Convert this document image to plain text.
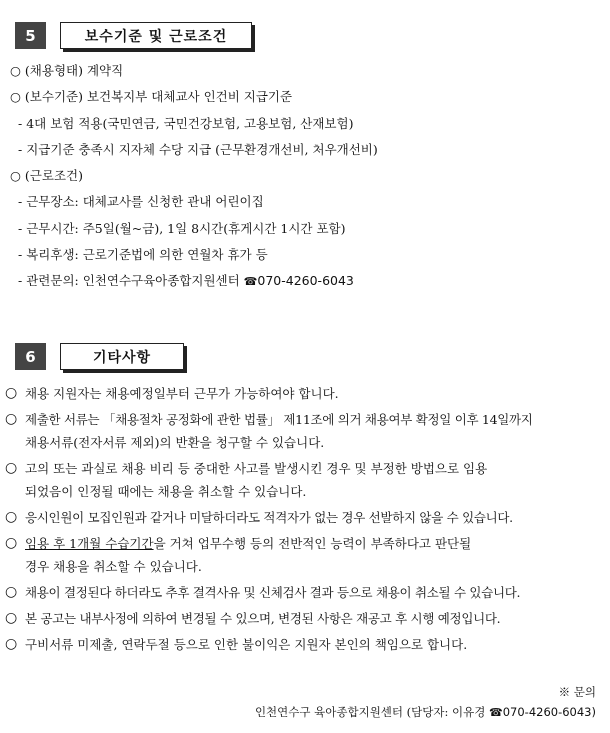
5	보수기준 및 근로조건
○ (채용형태) 계약직
○ (보수기준) 보건복지부 대체교사 인건비 지급기준
- 4대 보험 적용(국민연금, 국민건강보험, 고용보험, 산재보험)
- 지급기준 충족시 지자체 수당 지급 (근무환경개선비, 처우개선비)
○ (근로조건)
- 근무장소: 대체교사를 신청한 관내 어린이집
- 근무시간: 주5일(월~금), 1일 8시간(휴게시간 1시간 포함)
- 복리후생: 근로기준법에 의한 연월차 휴가 등
- 관련문의: 인천연수구육아종합지원센터 ☎070-4260-6043
6	기타사항
○ 채용 지원자는 채용예정일부터 근무가 가능하여야 합니다.
○ 제출한 서류는 「채용절차 공정화에 관한 법률」 제11조에 의거 채용여부 확정일 이후 14일까지
채용서류(전자서류 제외)의 반환을 청구할 수 있습니다.
○ 고의 또는 과실로 채용 비리 등 중대한 사고를 발생시킨 경우 및 부정한 방법으로 임용
되었음이 인정될 때에는 채용을 취소할 수 있습니다.
○ 응시인원이 모집인원과 같거나 미달하더라도 적격자가 없는 경우 선발하지 않을 수 있습니다.
○ 임용 후 1개월 수습기간을 거쳐 업무수행 등의 전반적인 능력이 부족하다고 판단될
경우 채용을 취소할 수 있습니다.
○ 채용이 결정된다 하더라도 추후 결격사유 및 신체검사 결과 등으로 채용이 취소될 수 있습니다.
○ 본 공고는 내부사정에 의하여 변경될 수 있으며, 변경된 사항은 재공고 후 시행 예정입니다.
○ 구비서류 미제출, 연락두절 등으로 인한 불이익은 지원자 본인의 책임으로 합니다.
※ 문의
인천연수구 육아종합지원센터 (담당자: 이유경 ☎070-4260-6043)
